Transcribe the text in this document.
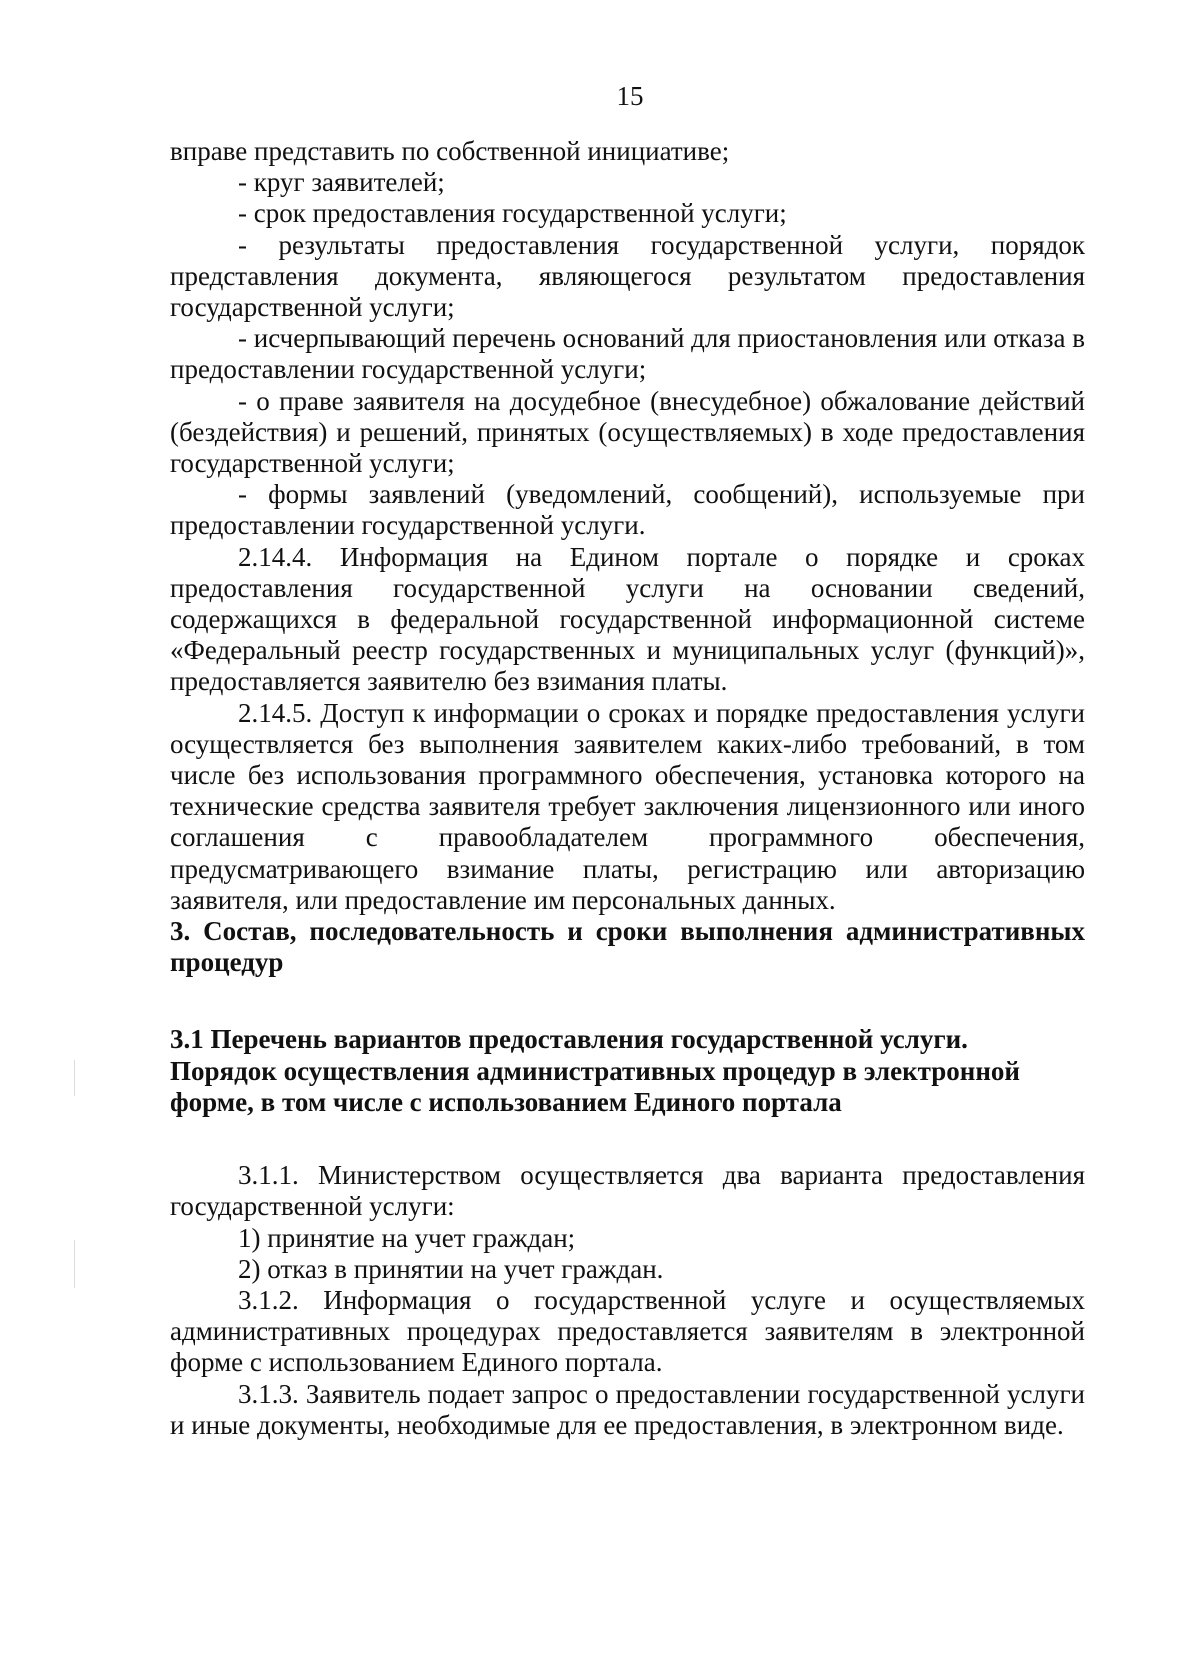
15

вправе представить по собственной инициативе;

- круг заявителей;

- срок предоставления государственной услуги;

- результаты предоставления государственной услуги, порядок представления документа, являющегося результатом предоставления государственной услуги;

- исчерпывающий перечень оснований для приостановления или отказа в предоставлении государственной услуги;

- о праве заявителя на досудебное (внесудебное) обжалование действий (бездействия) и решений, принятых (осуществляемых) в ходе предоставления государственной услуги;

- формы заявлений (уведомлений, сообщений), используемые при предоставлении государственной услуги.

2.14.4. Информация на Едином портале о порядке и сроках предоставления государственной услуги на основании сведений, содержащихся в федеральной государственной информационной системе «Федеральный реестр государственных и муниципальных услуг (функций)», предоставляется заявителю без взимания платы.

2.14.5. Доступ к информации о сроках и порядке предоставления услуги осуществляется без выполнения заявителем каких-либо требований, в том числе без использования программного обеспечения, установка которого на технические средства заявителя требует заключения лицензионного или иного соглашения с правообладателем программного обеспечения, предусматривающего взимание платы, регистрацию или авторизацию заявителя, или предоставление им персональных данных.

3. Состав, последовательность и сроки выполнения административных процедур

3.1 Перечень вариантов предоставления государственной услуги.

Порядок осуществления административных процедур в электронной

форме, в том числе с использованием Единого портала

3.1.1. Министерством осуществляется два варианта предоставления государственной услуги:

1) принятие на учет граждан;

2) отказ в принятии на учет граждан.

3.1.2. Информация о государственной услуге и осуществляемых административных процедурах предоставляется заявителям в электронной форме с использованием Единого портала.

3.1.3. Заявитель подает запрос о предоставлении государственной услуги и иные документы, необходимые для ее предоставления, в электронном виде.
